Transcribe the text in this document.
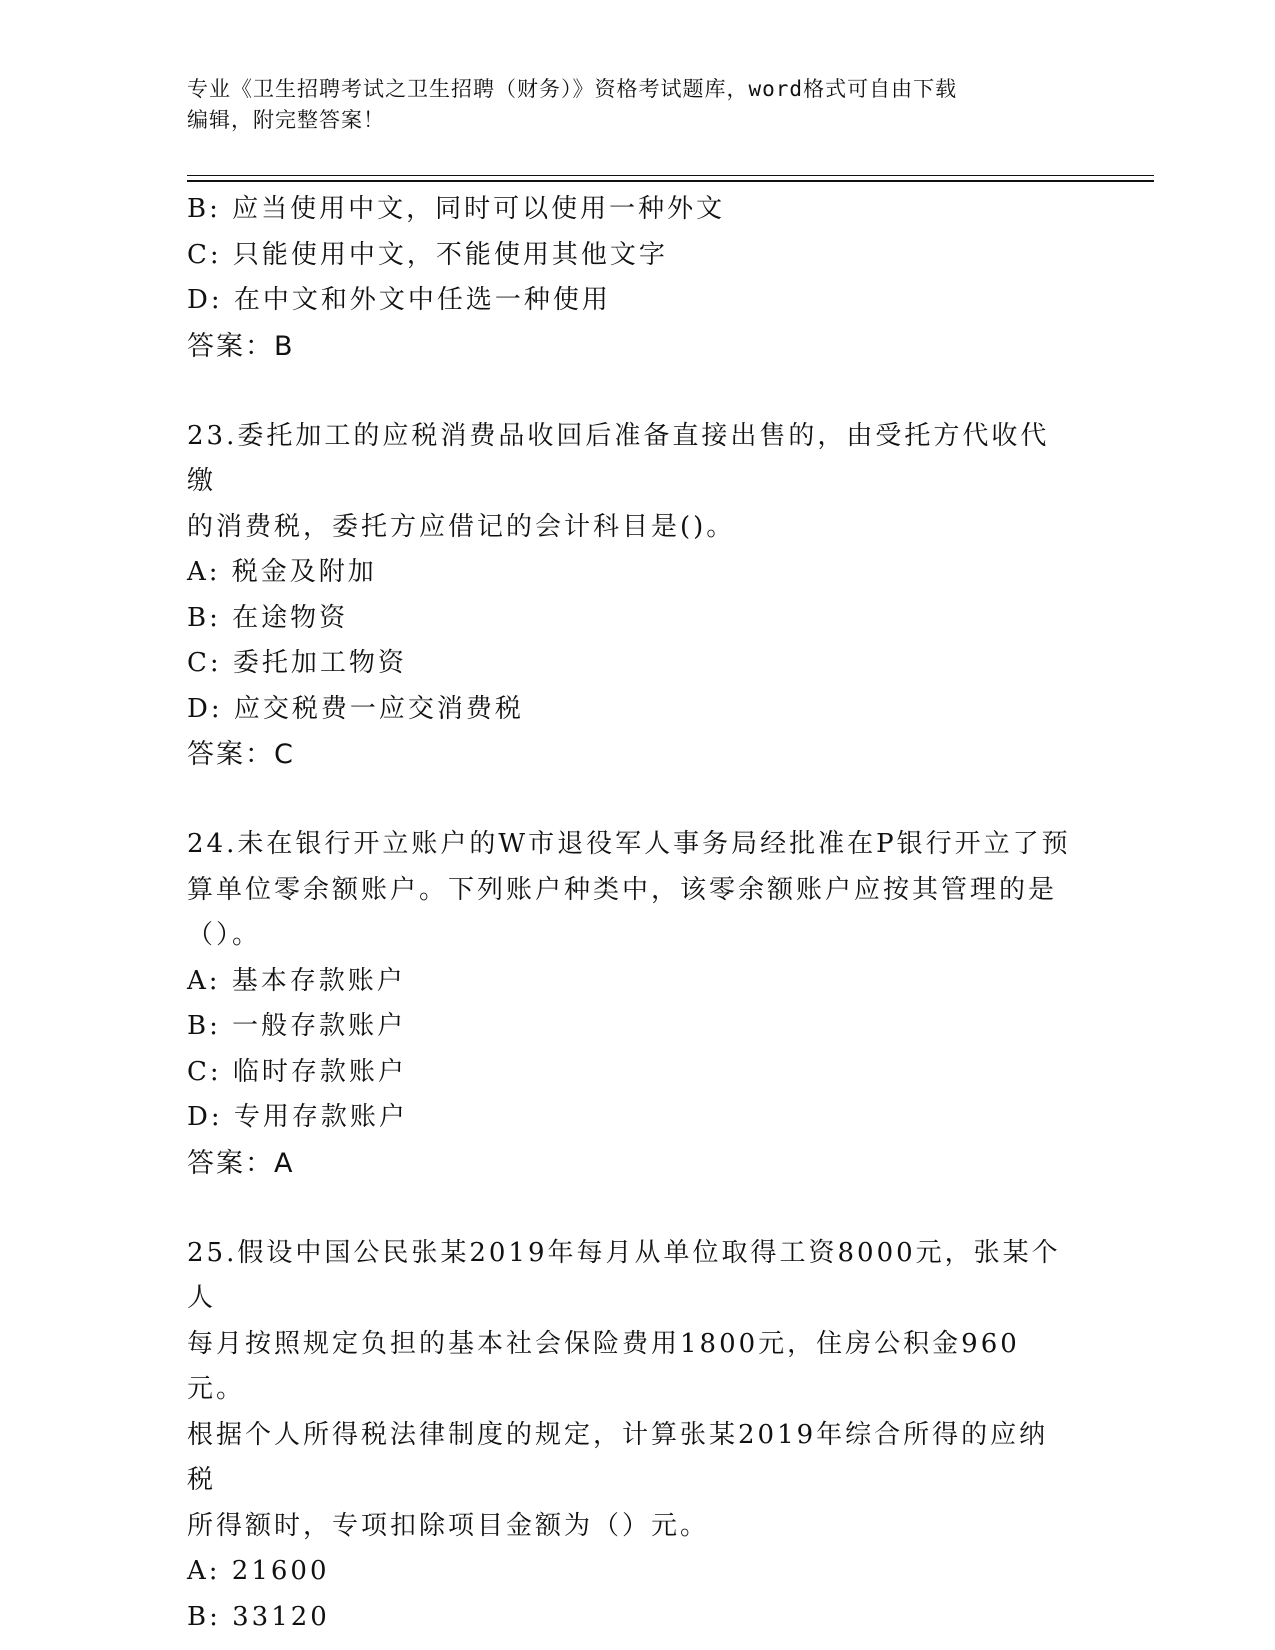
专业《卫生招聘考试之卫生招聘（财务）》资格考试题库，word格式可自由下载
编辑，附完整答案！
B: 应当使用中文，同时可以使用一种外文
C: 只能使用中文，不能使用其他文字
D: 在中文和外文中任选一种使用
答案：B
23.委托加工的应税消费品收回后准备直接出售的，由受托方代收代缴
的消费税，委托方应借记的会计科目是()。
A: 税金及附加
B: 在途物资
C: 委托加工物资
D: 应交税费一应交消费税
答案：C
24.未在银行开立账户的W市退役军人事务局经批准在P银行开立了预
算单位零余额账户。下列账户种类中，该零余额账户应按其管理的是
（）。
A: 基本存款账户
B: 一般存款账户
C: 临时存款账户
D: 专用存款账户
答案：A
25.假设中国公民张某2019年每月从单位取得工资8000元，张某个人
每月按照规定负担的基本社会保险费用1800元，住房公积金960元。
根据个人所得税法律制度的规定，计算张某2019年综合所得的应纳税
所得额时，专项扣除项目金额为（）元。
A: 21600
B: 33120
